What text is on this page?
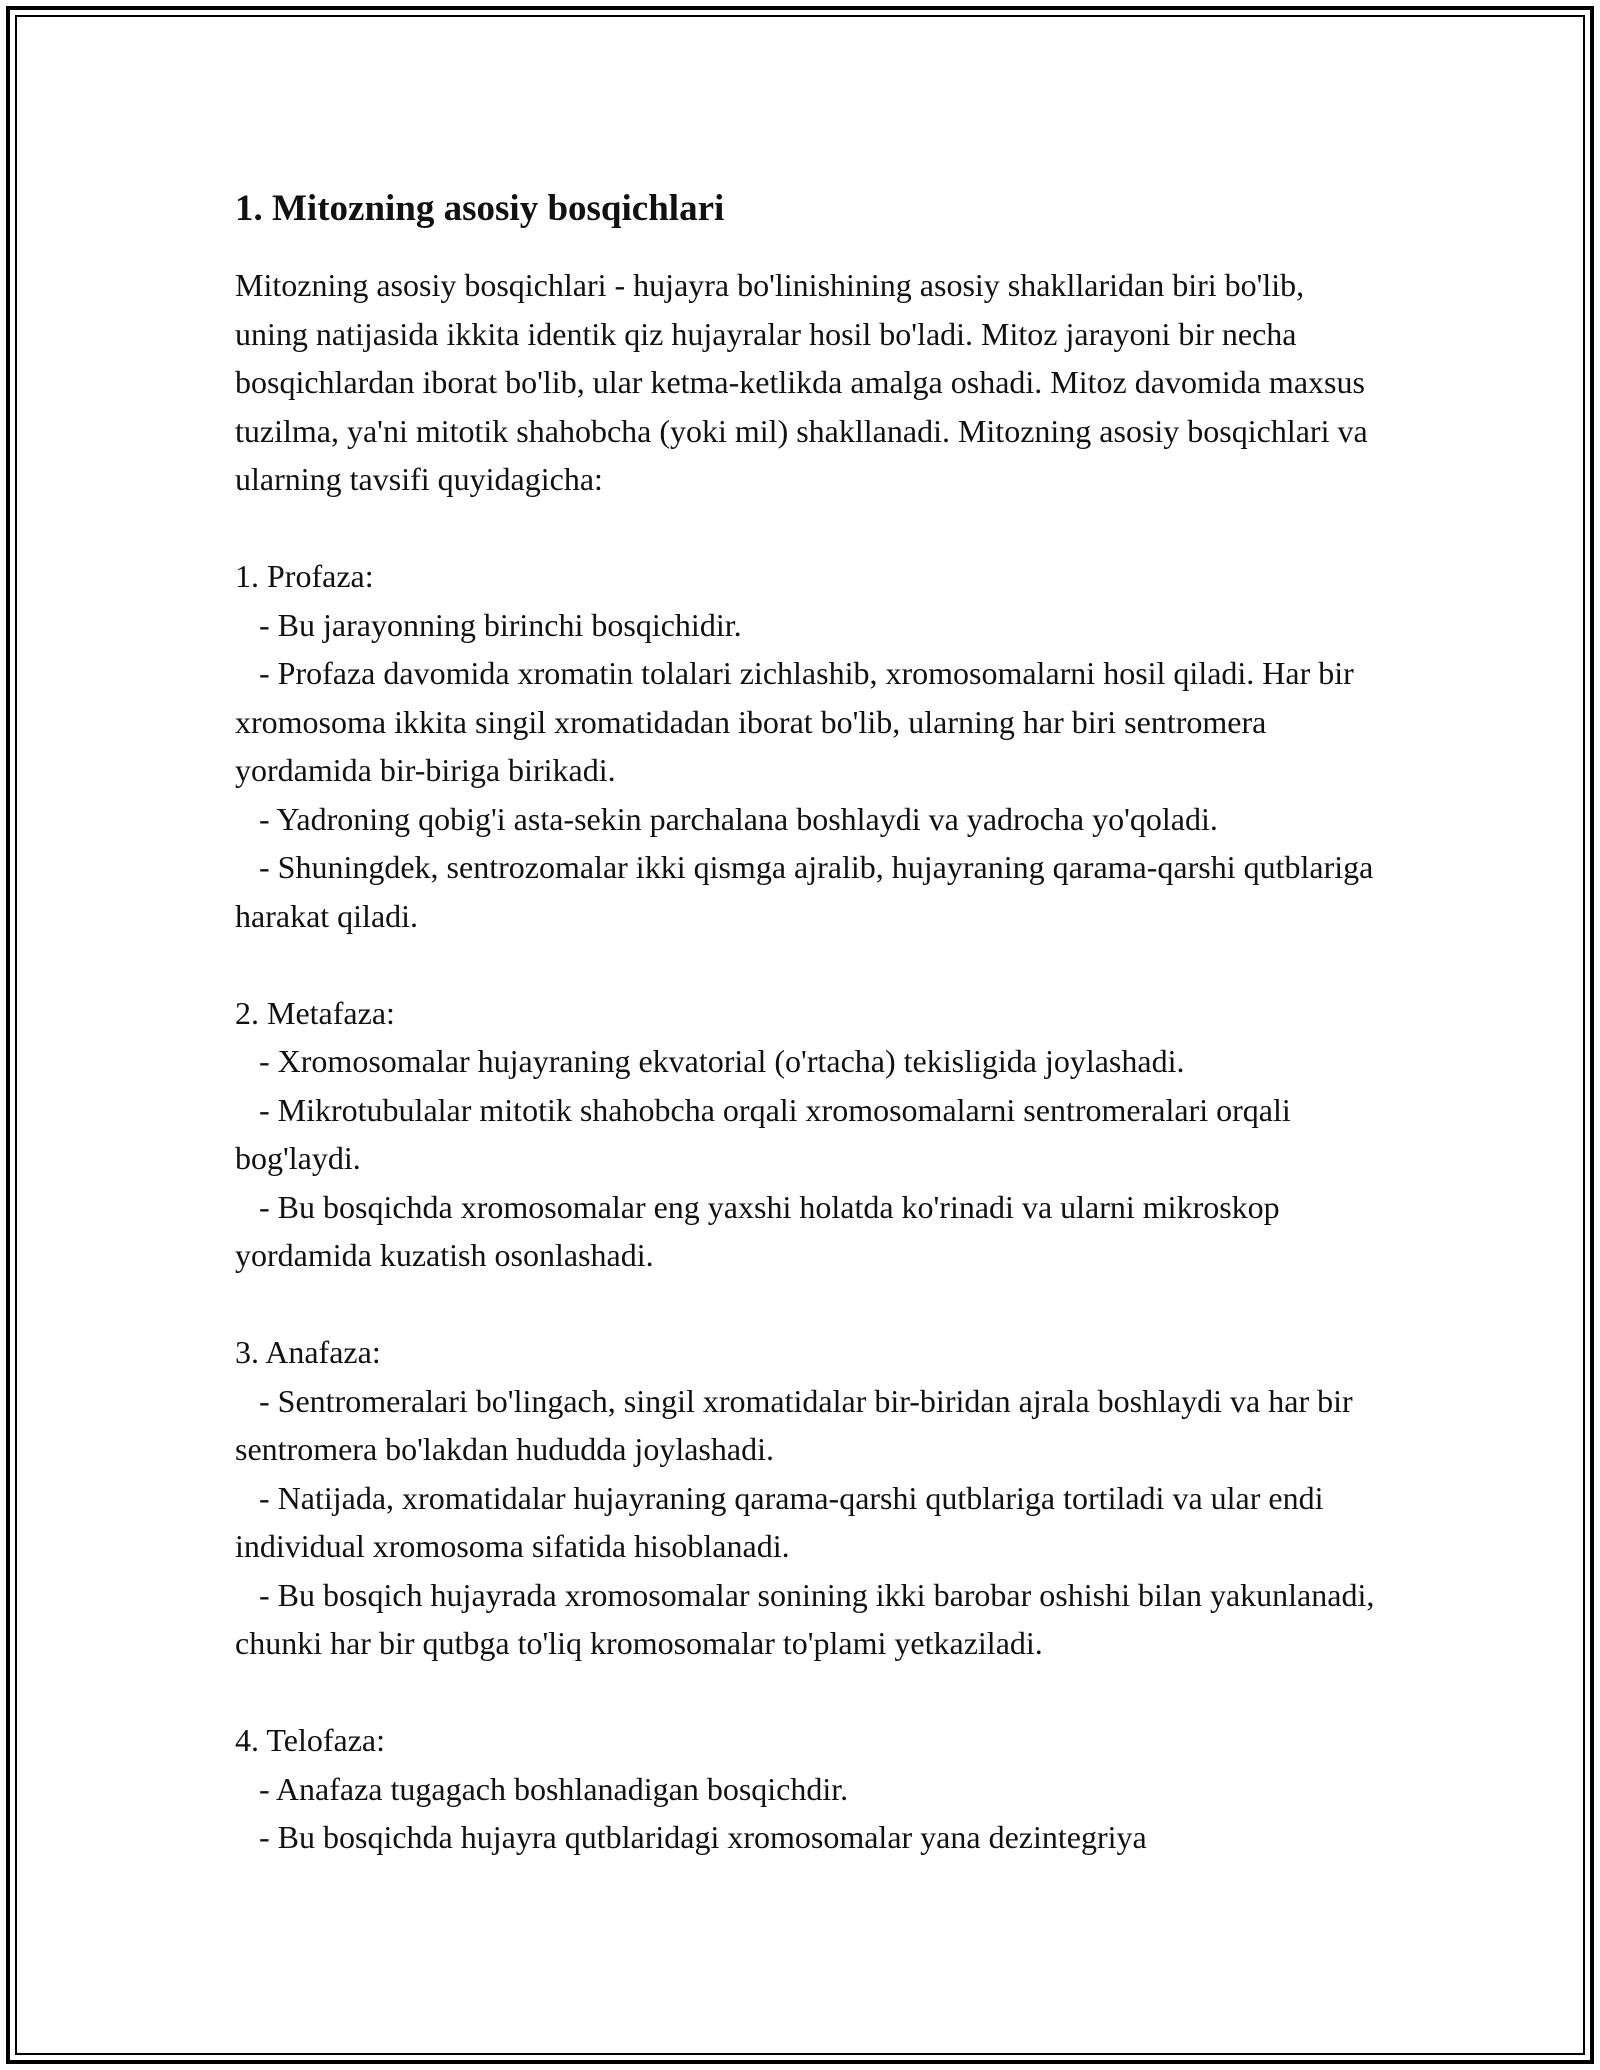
1. Mitozning asosiy bosqichlari

Mitozning asosiy bosqichlari - hujayra bo'linishining asosiy shakllaridan biri bo'lib, uning natijasida ikkita identik qiz hujayralar hosil bo'ladi. Mitoz jarayoni bir necha bosqichlardan iborat bo'lib, ular ketma-ketlikda amalga oshadi. Mitoz davomida maxsus tuzilma, ya'ni mitotik shahobcha (yoki mil) shakllanadi. Mitozning asosiy bosqichlari va ularning tavsifi quyidagicha:

1. Profaza:

- Bu jarayonning birinchi bosqichidir.

- Profaza davomida xromatin tolalari zichlashib, xromosomalarni hosil qiladi. Har bir xromosoma ikkita singil xromatidadan iborat bo'lib, ularning har biri sentromera yordamida bir-biriga birikadi.

- Yadroning qobig'i asta-sekin parchalana boshlaydi va yadrocha yo'qoladi.

- Shuningdek, sentrozomalar ikki qismga ajralib, hujayraning qarama-qarshi qutblariga harakat qiladi.

2. Metafaza:

- Xromosomalar hujayraning ekvatorial (o'rtacha) tekisligida joylashadi.

- Mikrotubulalar mitotik shahobcha orqali xromosomalarni sentromeralari orqali bog'laydi.

- Bu bosqichda xromosomalar eng yaxshi holatda ko'rinadi va ularni mikroskop yordamida kuzatish osonlashadi.

3. Anafaza:

- Sentromeralari bo'lingach, singil xromatidalar bir-biridan ajrala boshlaydi va har bir sentromera bo'lakdan hududda joylashadi.

- Natijada, xromatidalar hujayraning qarama-qarshi qutblariga tortiladi va ular endi individual xromosoma sifatida hisoblanadi.

- Bu bosqich hujayrada xromosomalar sonining ikki barobar oshishi bilan yakunlanadi, chunki har bir qutbga to'liq kromosomalar to'plami yetkaziladi.

4. Telofaza:

- Anafaza tugagach boshlanadigan bosqichdir.

- Bu bosqichda hujayra qutblaridagi xromosomalar yana dezintegriya
